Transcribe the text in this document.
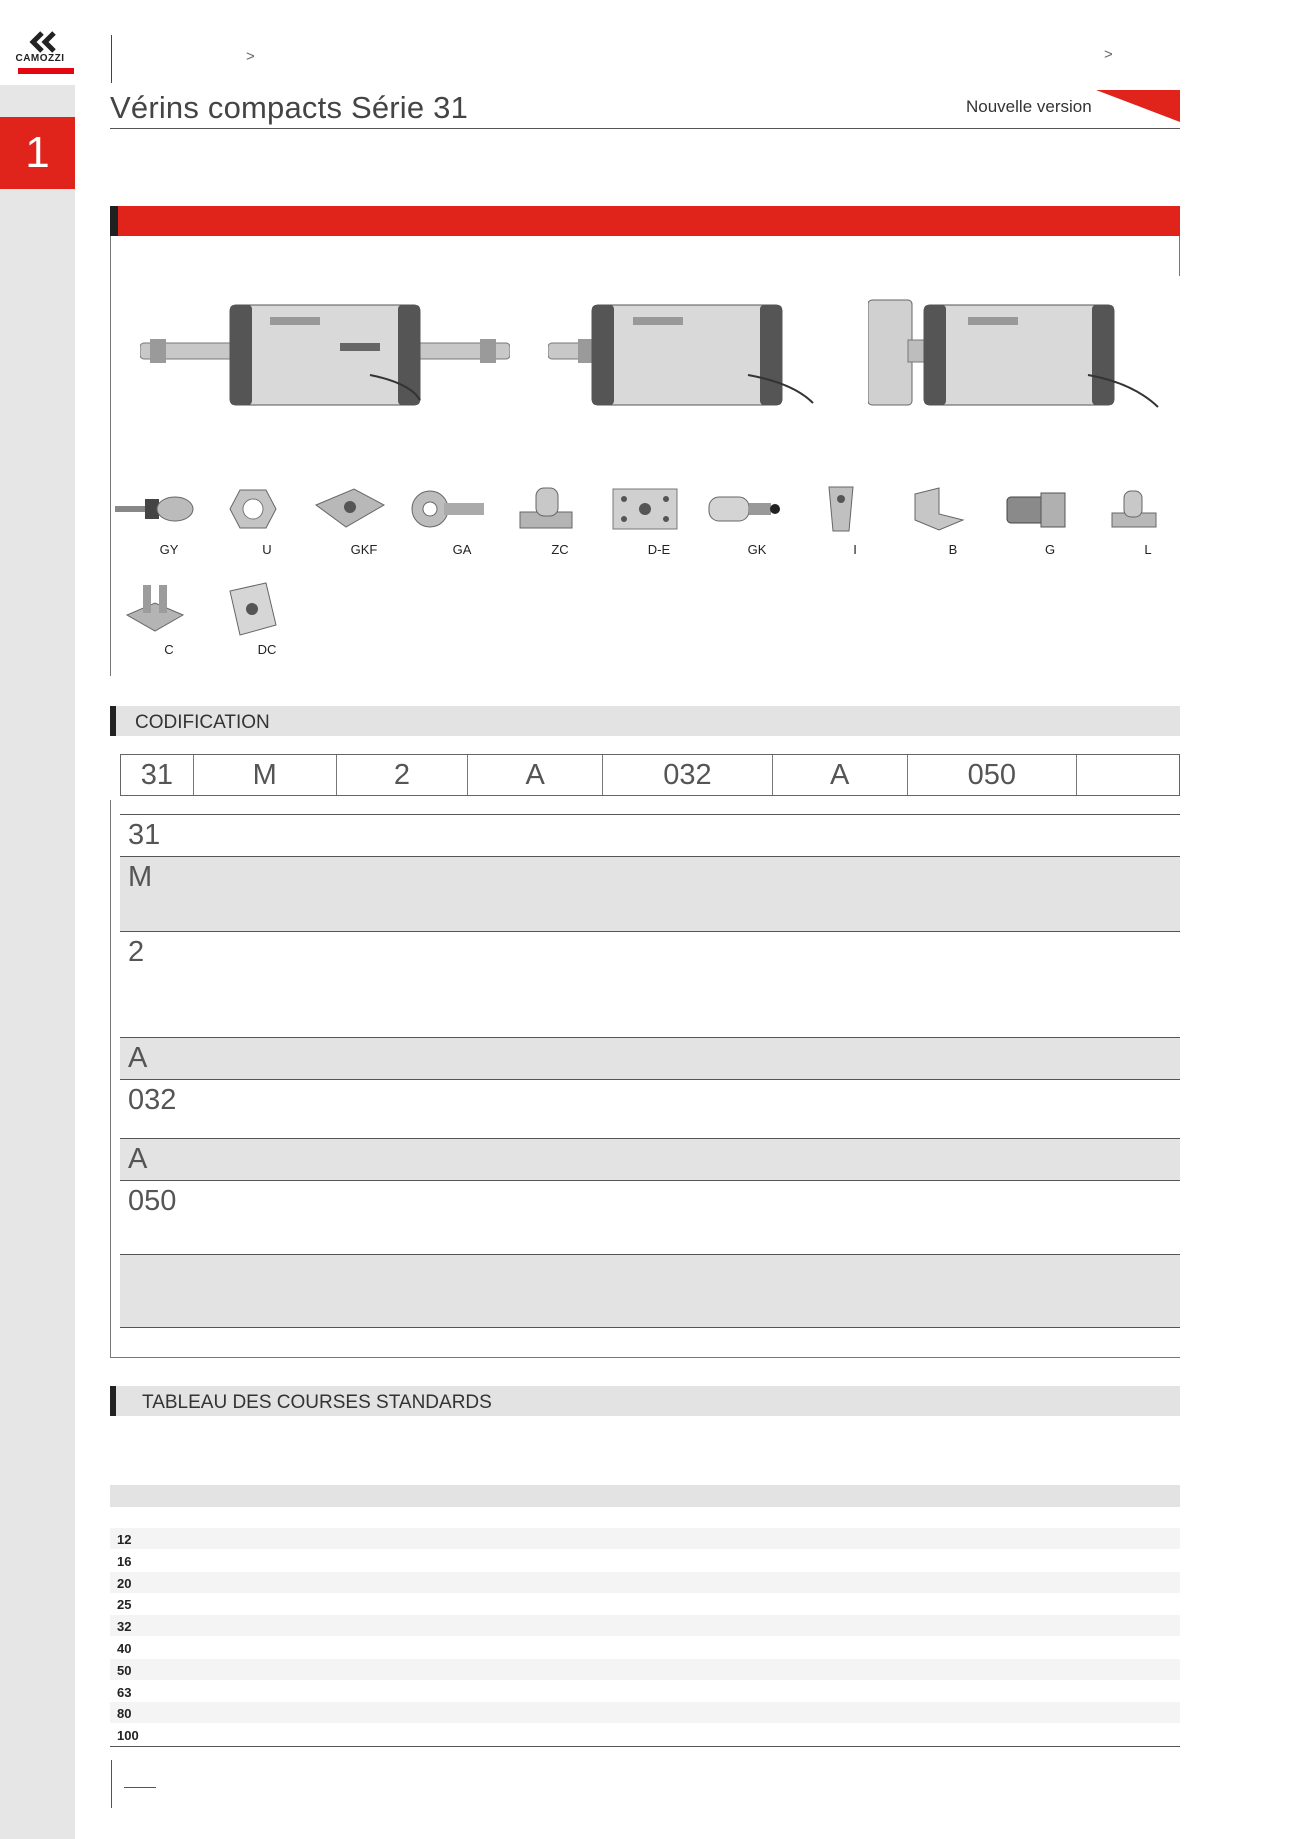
CAMOZZI
1
>	>
Vérins compacts Série 31	Nouvelle version
GY	U	GKF	GA	ZC	D-E	GK	I	B	G	L
C	DC
CODIFICATION
31	M	2	A	032	A	050
31
M
2
A
032
A
050
TABLEAU DES COURSES STANDARDS
12
16
20
25
32
40
50
63
80
100
